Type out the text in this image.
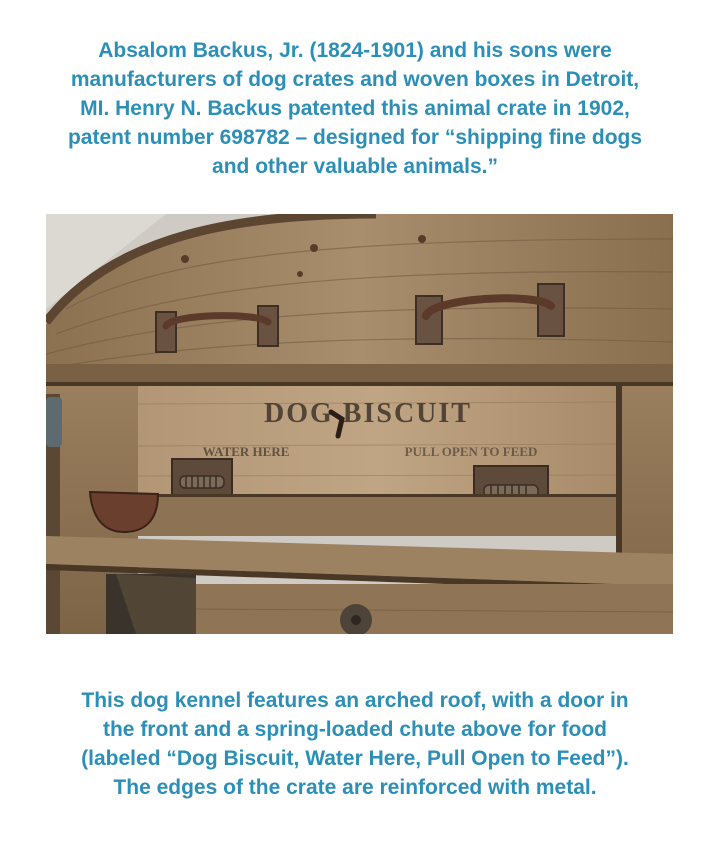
Absalom Backus, Jr. (1824-1901) and his sons were
manufacturers of dog crates and woven boxes in Detroit,
MI. Henry N. Backus patented this animal crate in 1902,
patent number 698782 – designed for “shipping fine dogs
and other valuable animals.”
DOG BISCUIT
WATER HERE	PULL OPEN TO FEED
This dog kennel features an arched roof, with a door in
the front and a spring-loaded chute above for food
(labeled “Dog Biscuit, Water Here, Pull Open to Feed”).
The edges of the crate are reinforced with metal.
